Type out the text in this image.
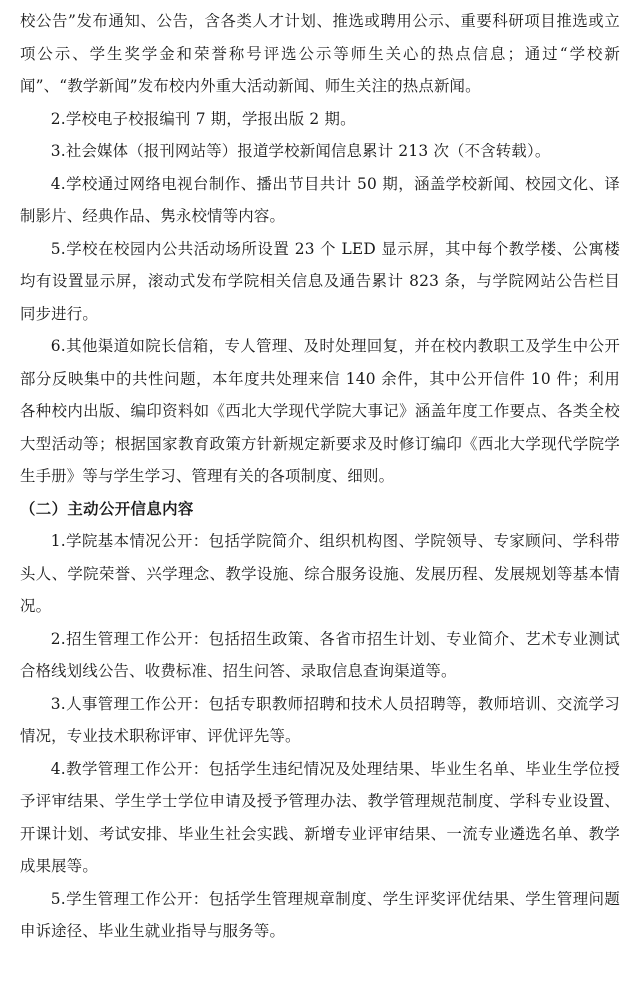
校公告”发布通知、公告，含各类人才计划、推选或聘用公示、重要科研项目推选或立项公示、学生奖学金和荣誉称号评选公示等师生关心的热点信息；通过“学校新闻”、“教学新闻”发布校内外重大活动新闻、师生关注的热点新闻。

2.学校电子校报编刊 7 期，学报出版 2 期。

3.社会媒体（报刊网站等）报道学校新闻信息累计 213 次（不含转载）。

4.学校通过网络电视台制作、播出节目共计 50 期，涵盖学校新闻、校园文化、译制影片、经典作品、隽永校情等内容。

5.学校在校园内公共活动场所设置 23 个 LED 显示屏，其中每个教学楼、公寓楼均有设置显示屏，滚动式发布学院相关信息及通告累计 823 条，与学院网站公告栏目同步进行。

6.其他渠道如院长信箱，专人管理、及时处理回复，并在校内教职工及学生中公开部分反映集中的共性问题，本年度共处理来信 140 余件，其中公开信件 10 件；利用各种校内出版、编印资料如《西北大学现代学院大事记》涵盖年度工作要点、各类全校大型活动等；根据国家教育政策方针新规定新要求及时修订编印《西北大学现代学院学生手册》等与学生学习、管理有关的各项制度、细则。

（二）主动公开信息内容

1.学院基本情况公开：包括学院简介、组织机构图、学院领导、专家顾问、学科带头人、学院荣誉、兴学理念、教学设施、综合服务设施、发展历程、发展规划等基本情况。

2.招生管理工作公开：包括招生政策、各省市招生计划、专业简介、艺术专业测试合格线划线公告、收费标准、招生问答、录取信息查询渠道等。

3.人事管理工作公开：包括专职教师招聘和技术人员招聘等，教师培训、交流学习情况，专业技术职称评审、评优评先等。

4.教学管理工作公开：包括学生违纪情况及处理结果、毕业生名单、毕业生学位授予评审结果、学生学士学位申请及授予管理办法、教学管理规范制度、学科专业设置、开课计划、考试安排、毕业生社会实践、新增专业评审结果、一流专业遴选名单、教学成果展等。

5.学生管理工作公开：包括学生管理规章制度、学生评奖评优结果、学生管理问题申诉途径、毕业生就业指导与服务等。
